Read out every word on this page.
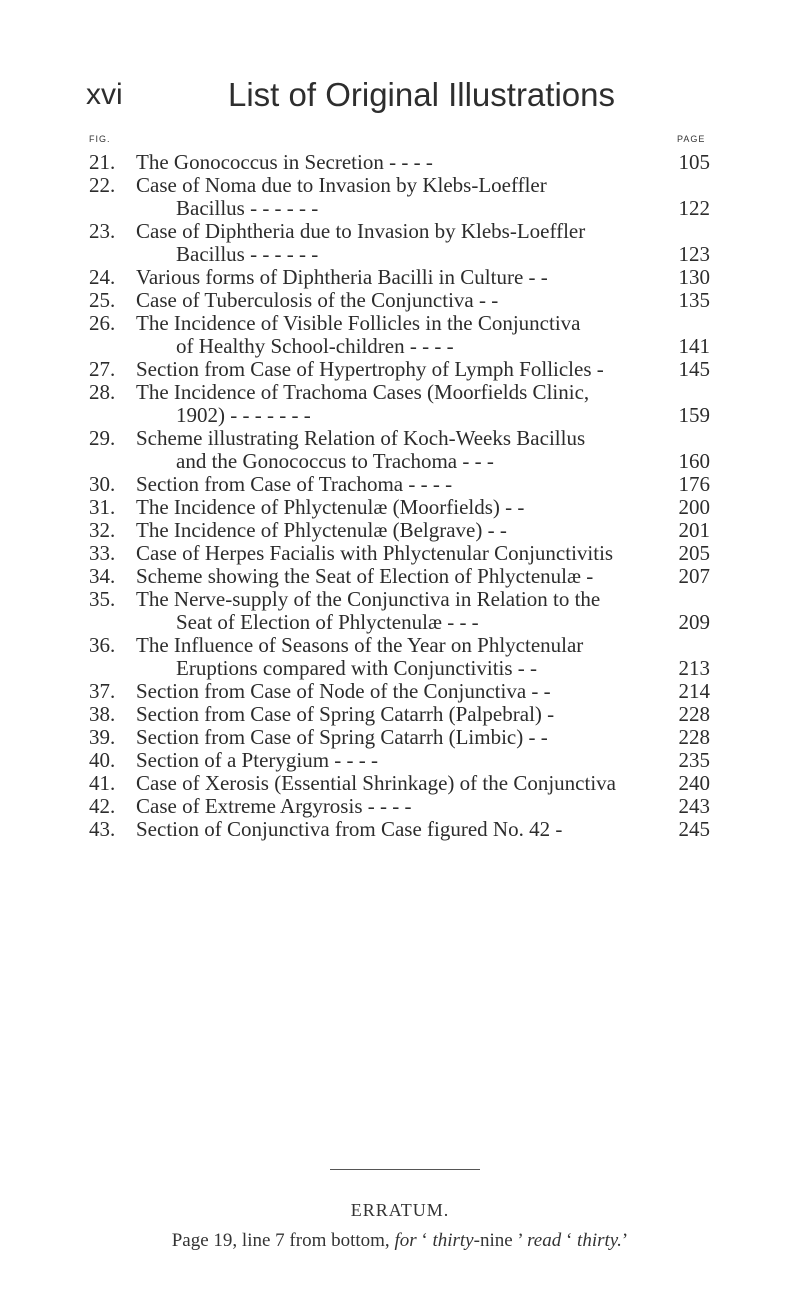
xvi	List of Original Illustrations
FIG.	PAGE
21. The Gonococcus in Secretion - - - -	105
22. Case of Noma due to Invasion by Klebs-Loeffler
Bacillus - - - - - -	122
23. Case of Diphtheria due to Invasion by Klebs-Loeffler
Bacillus - - - - - -	123
24. Various forms of Diphtheria Bacilli in Culture - -	130
25. Case of Tuberculosis of the Conjunctiva - -	135
26. The Incidence of Visible Follicles in the Conjunctiva
of Healthy School-children - - - -	141
27. Section from Case of Hypertrophy of Lymph Follicles -	145
28. The Incidence of Trachoma Cases (Moorfields Clinic,
1902) - - - - - - -	159
29. Scheme illustrating Relation of Koch-Weeks Bacillus
and the Gonococcus to Trachoma - - -	160
30. Section from Case of Trachoma - - - -	176
31. The Incidence of Phlyctenulæ (Moorfields) - -	200
32. The Incidence of Phlyctenulæ (Belgrave) - -	201
33. Case of Herpes Facialis with Phlyctenular Conjunctivitis	205
34. Scheme showing the Seat of Election of Phlyctenulæ -	207
35. The Nerve-supply of the Conjunctiva in Relation to the
Seat of Election of Phlyctenulæ - - -	209
36. The Influence of Seasons of the Year on Phlyctenular
Eruptions compared with Conjunctivitis - -	213
37. Section from Case of Node of the Conjunctiva - -	214
38. Section from Case of Spring Catarrh (Palpebral) -	228
39. Section from Case of Spring Catarrh (Limbic) - -	228
40. Section of a Pterygium - - - -	235
41. Case of Xerosis (Essential Shrinkage) of the Conjunctiva	240
42. Case of Extreme Argyrosis - - - -	243
43. Section of Conjunctiva from Case figured No. 42 -	245
ERRATUM.
Page 19, line 7 from bottom, for ‘ thirty-nine ’ read ‘ thirty.’
